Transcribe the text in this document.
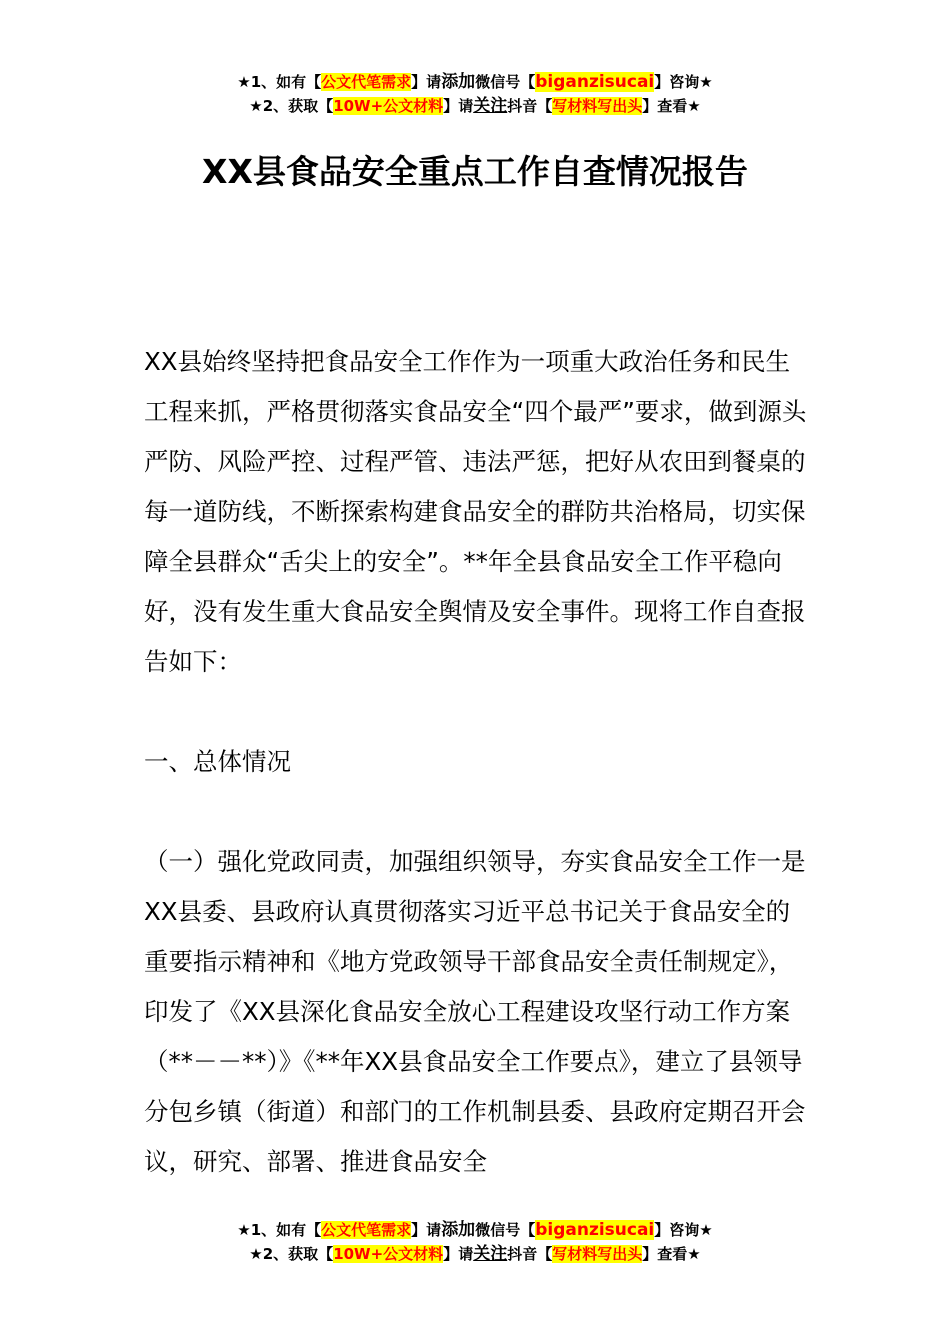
★1、如有【公文代笔需求】请添加微信号【biganzisucai】咨询★
★2、获取【10W+公文材料】请关注抖音【写材料写出头】查看★
XX县食品安全重点工作自查情况报告

XX县始终坚持把食品安全工作作为一项重大政治任务和民生工程来抓，严格贯彻落实食品安全“四个最严”要求，做到源头严防、风险严控、过程严管、违法严惩，把好从农田到餐桌的每一道防线，不断探索构建食品安全的群防共治格局，切实保障全县群众“舌尖上的安全”。**年全县食品安全工作平稳向好，没有发生重大食品安全舆情及安全事件。现将工作自查报告如下：

一、总体情况

（一）强化党政同责，加强组织领导，夯实食品安全工作一是XX县委、县政府认真贯彻落实习近平总书记关于食品安全的重要指示精神和《地方党政领导干部食品安全责任制规定》，印发了《XX县深化食品安全放心工程建设攻坚行动工作方案（**－－**）》《**年XX县食品安全工作要点》，建立了县领导分包乡镇（街道）和部门的工作机制县委、县政府定期召开会议，研究、部署、推进食品安全

★1、如有【公文代笔需求】请添加微信号【biganzisucai】咨询★
★2、获取【10W+公文材料】请关注抖音【写材料写出头】查看★
